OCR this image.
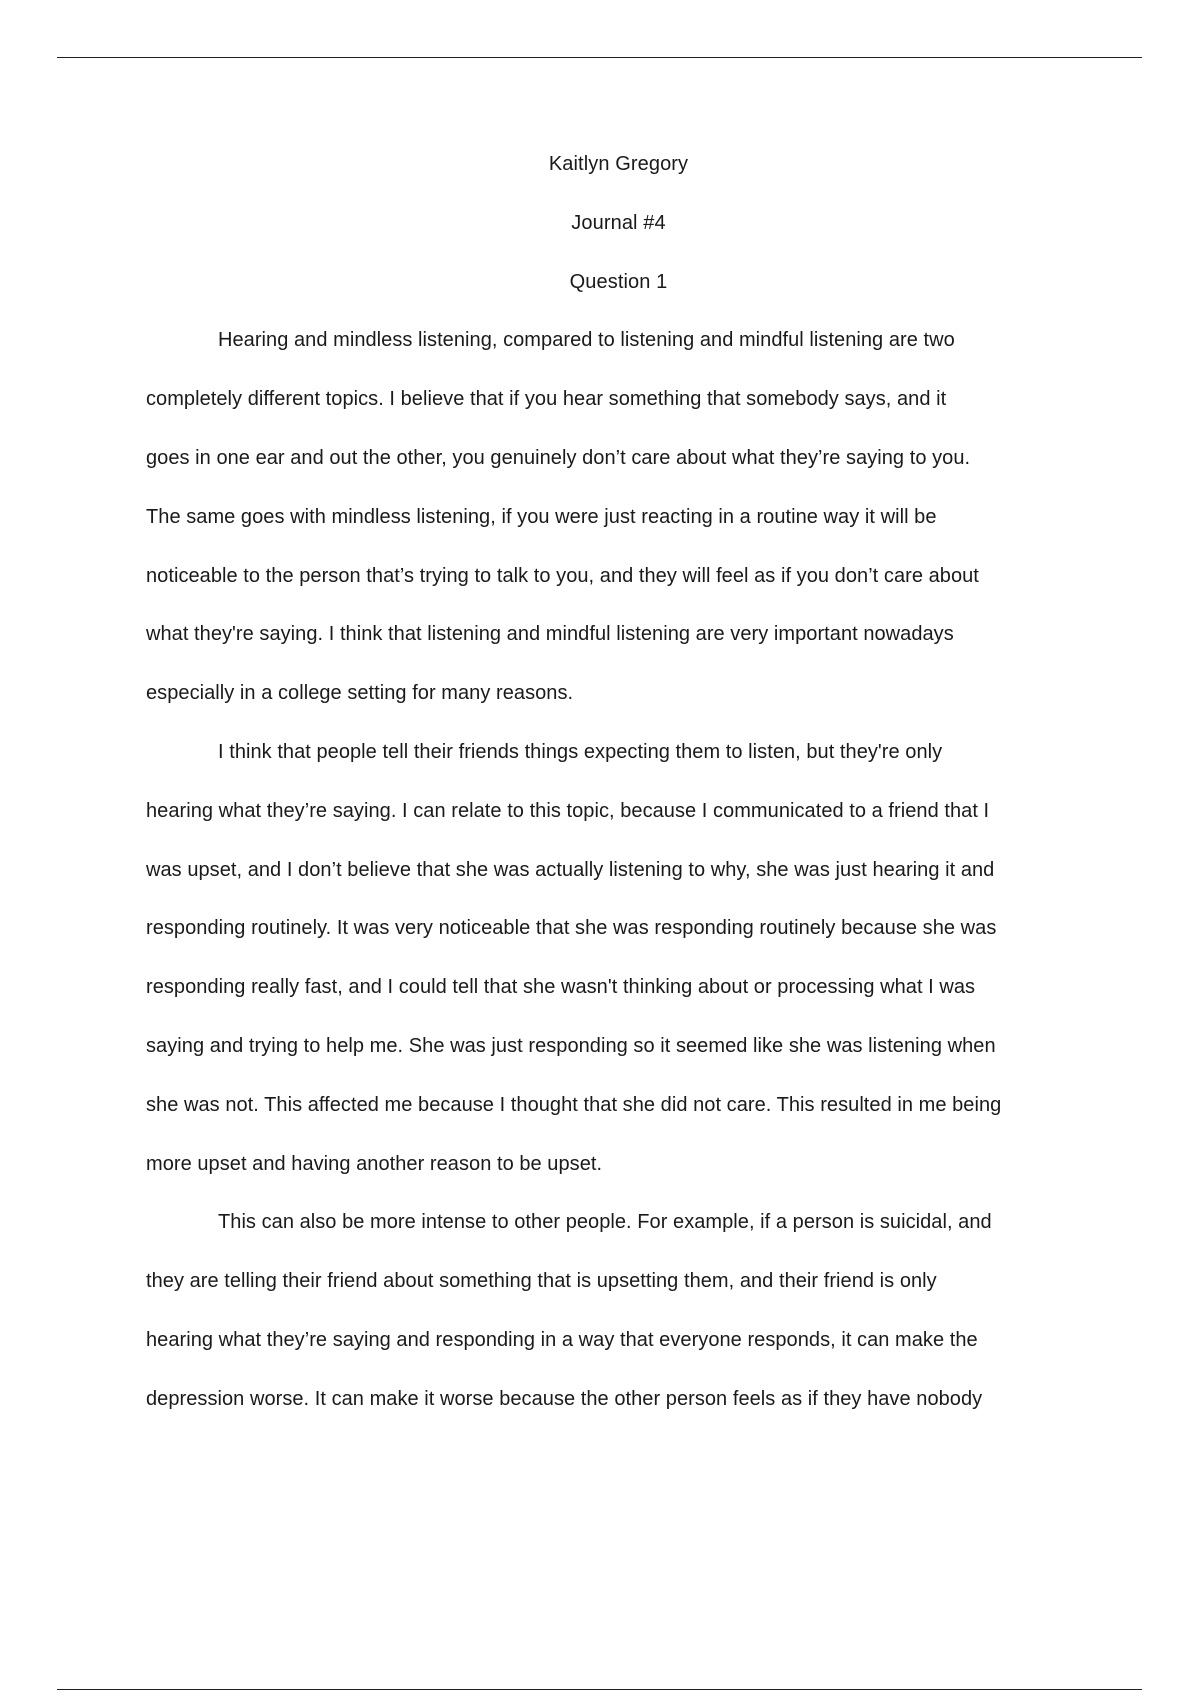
Kaitlyn Gregory

Journal #4

Question 1

Hearing and mindless listening, compared to listening and mindful listening are two

completely different topics. I believe that if you hear something that somebody says, and it

goes in one ear and out the other, you genuinely don’t care about what they’re saying to you.

The same goes with mindless listening, if you were just reacting in a routine way it will be

noticeable to the person that’s trying to talk to you, and they will feel as if you don’t care about

what they're saying. I think that listening and mindful listening are very important nowadays

especially in a college setting for many reasons.

I think that people tell their friends things expecting them to listen, but they're only

hearing what they’re saying. I can relate to this topic, because I communicated to a friend that I

was upset, and I don’t believe that she was actually listening to why, she was just hearing it and

responding routinely. It was very noticeable that she was responding routinely because she was

responding really fast, and I could tell that she wasn't thinking about or processing what I was

saying and trying to help me. She was just responding so it seemed like she was listening when

she was not. This affected me because I thought that she did not care. This resulted in me being

more upset and having another reason to be upset.

This can also be more intense to other people. For example, if a person is suicidal, and

they are telling their friend about something that is upsetting them, and their friend is only

hearing what they’re saying and responding in a way that everyone responds, it can make the

depression worse. It can make it worse because the other person feels as if they have nobody
